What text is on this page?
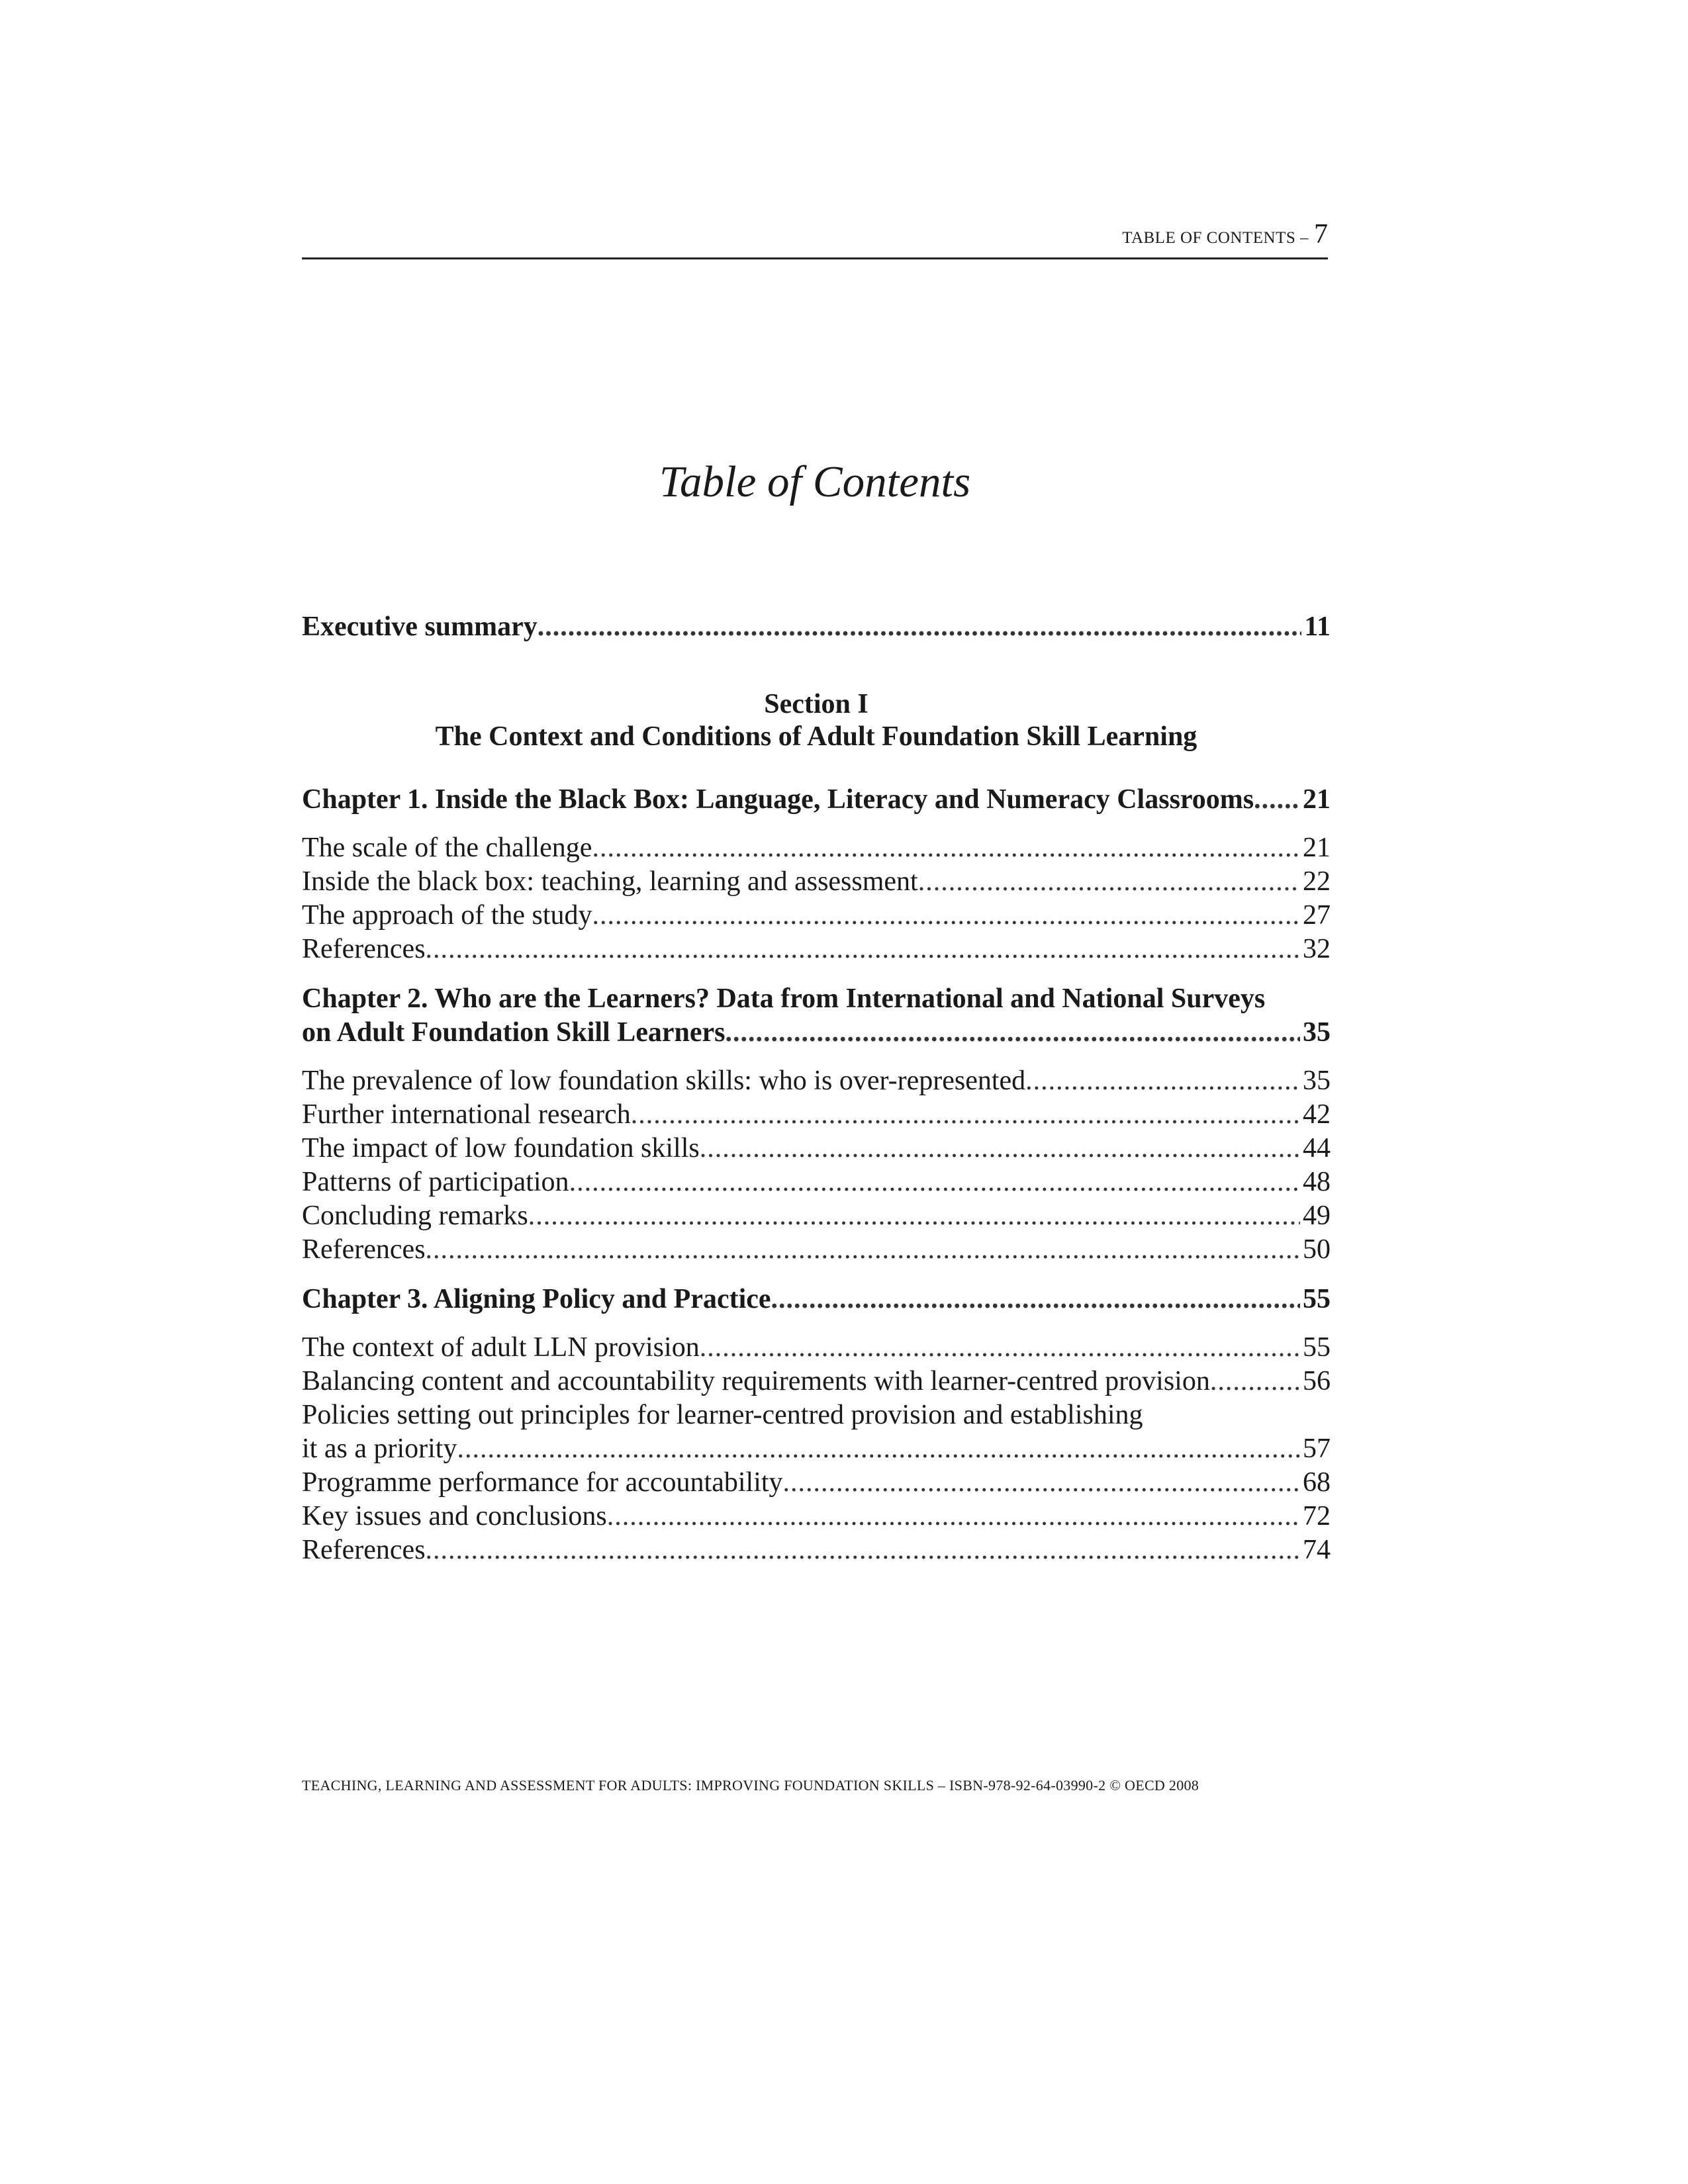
TABLE OF CONTENTS – 7
Table of Contents
Executive summary .....	11
Section I
The Context and Conditions of Adult Foundation Skill Learning
Chapter 1. Inside the Black Box: Language, Literacy and Numeracy Classrooms ..... 21
The scale of the challenge .....	21
Inside the black box: teaching, learning and assessment .....	22
The approach of the study .....	27
References .....	32
Chapter 2. Who are the Learners? Data from International and National Surveys
on Adult Foundation Skill Learners .....	35
The prevalence of low foundation skills: who is over-represented .....	35
Further international research .....	42
The impact of low foundation skills .....	44
Patterns of participation .....	48
Concluding remarks .....	49
References .....	50
Chapter 3. Aligning Policy and Practice .....	55
The context of adult LLN provision .....	55
Balancing content and accountability requirements with learner-centred provision .....	56
Policies setting out principles for learner-centred provision and establishing
it as a priority .....	57
Programme performance for accountability .....	68
Key issues and conclusions .....	72
References .....	74
TEACHING, LEARNING AND ASSESSMENT FOR ADULTS: IMPROVING FOUNDATION SKILLS – ISBN-978-92-64-03990-2 © OECD 2008
